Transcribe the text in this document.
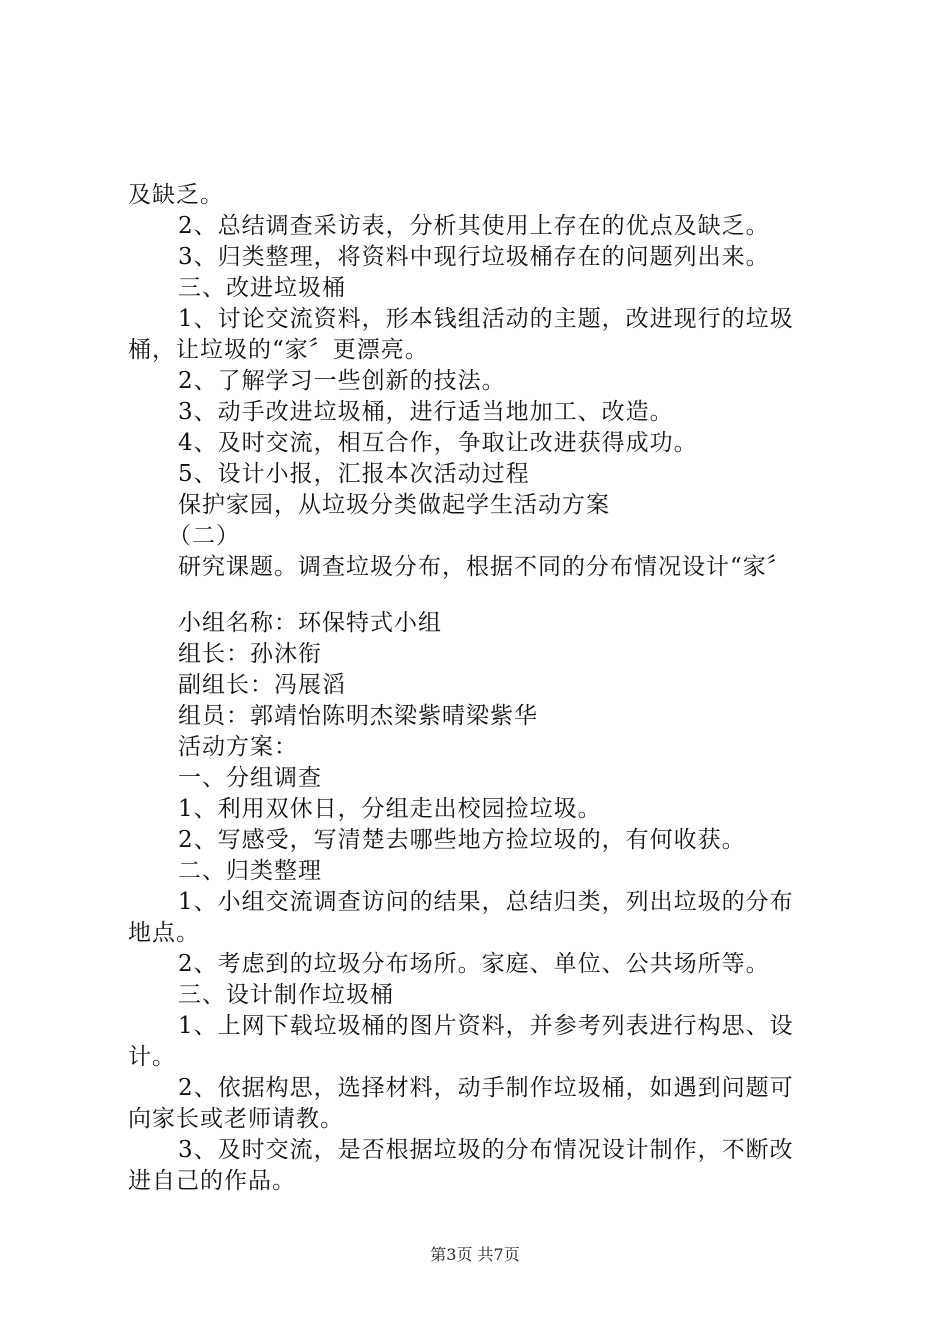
及缺乏。
2、总结调查采访表，分析其使用上存在的优点及缺乏。
3、归类整理，将资料中现行垃圾桶存在的问题列出来。
三、改进垃圾桶
1、讨论交流资料，形本钱组活动的主题，改进现行的垃圾
桶，让垃圾的“家〞更漂亮。
2、了解学习一些创新的技法。
3、动手改进垃圾桶，进行适当地加工、改造。
4、及时交流，相互合作，争取让改进获得成功。
5、设计小报，汇报本次活动过程
保护家园，从垃圾分类做起学生活动方案
（二）
研究课题。调查垃圾分布，根据不同的分布情况设计“家〞
小组名称：环保特式小组
组长：孙沐衔
副组长：冯展滔
组员：郭靖怡陈明杰梁紫晴梁紫华
活动方案：
一、分组调查
1、利用双休日，分组走出校园捡垃圾。
2、写感受，写清楚去哪些地方捡垃圾的，有何收获。
二、归类整理
1、小组交流调查访问的结果，总结归类，列出垃圾的分布
地点。
2、考虑到的垃圾分布场所。家庭、单位、公共场所等。
三、设计制作垃圾桶
1、上网下载垃圾桶的图片资料，并参考列表进行构思、设
计。
2、依据构思，选择材料，动手制作垃圾桶，如遇到问题可
向家长或老师请教。
3、及时交流，是否根据垃圾的分布情况设计制作，不断改
进自己的作品。
第3页 共7页
